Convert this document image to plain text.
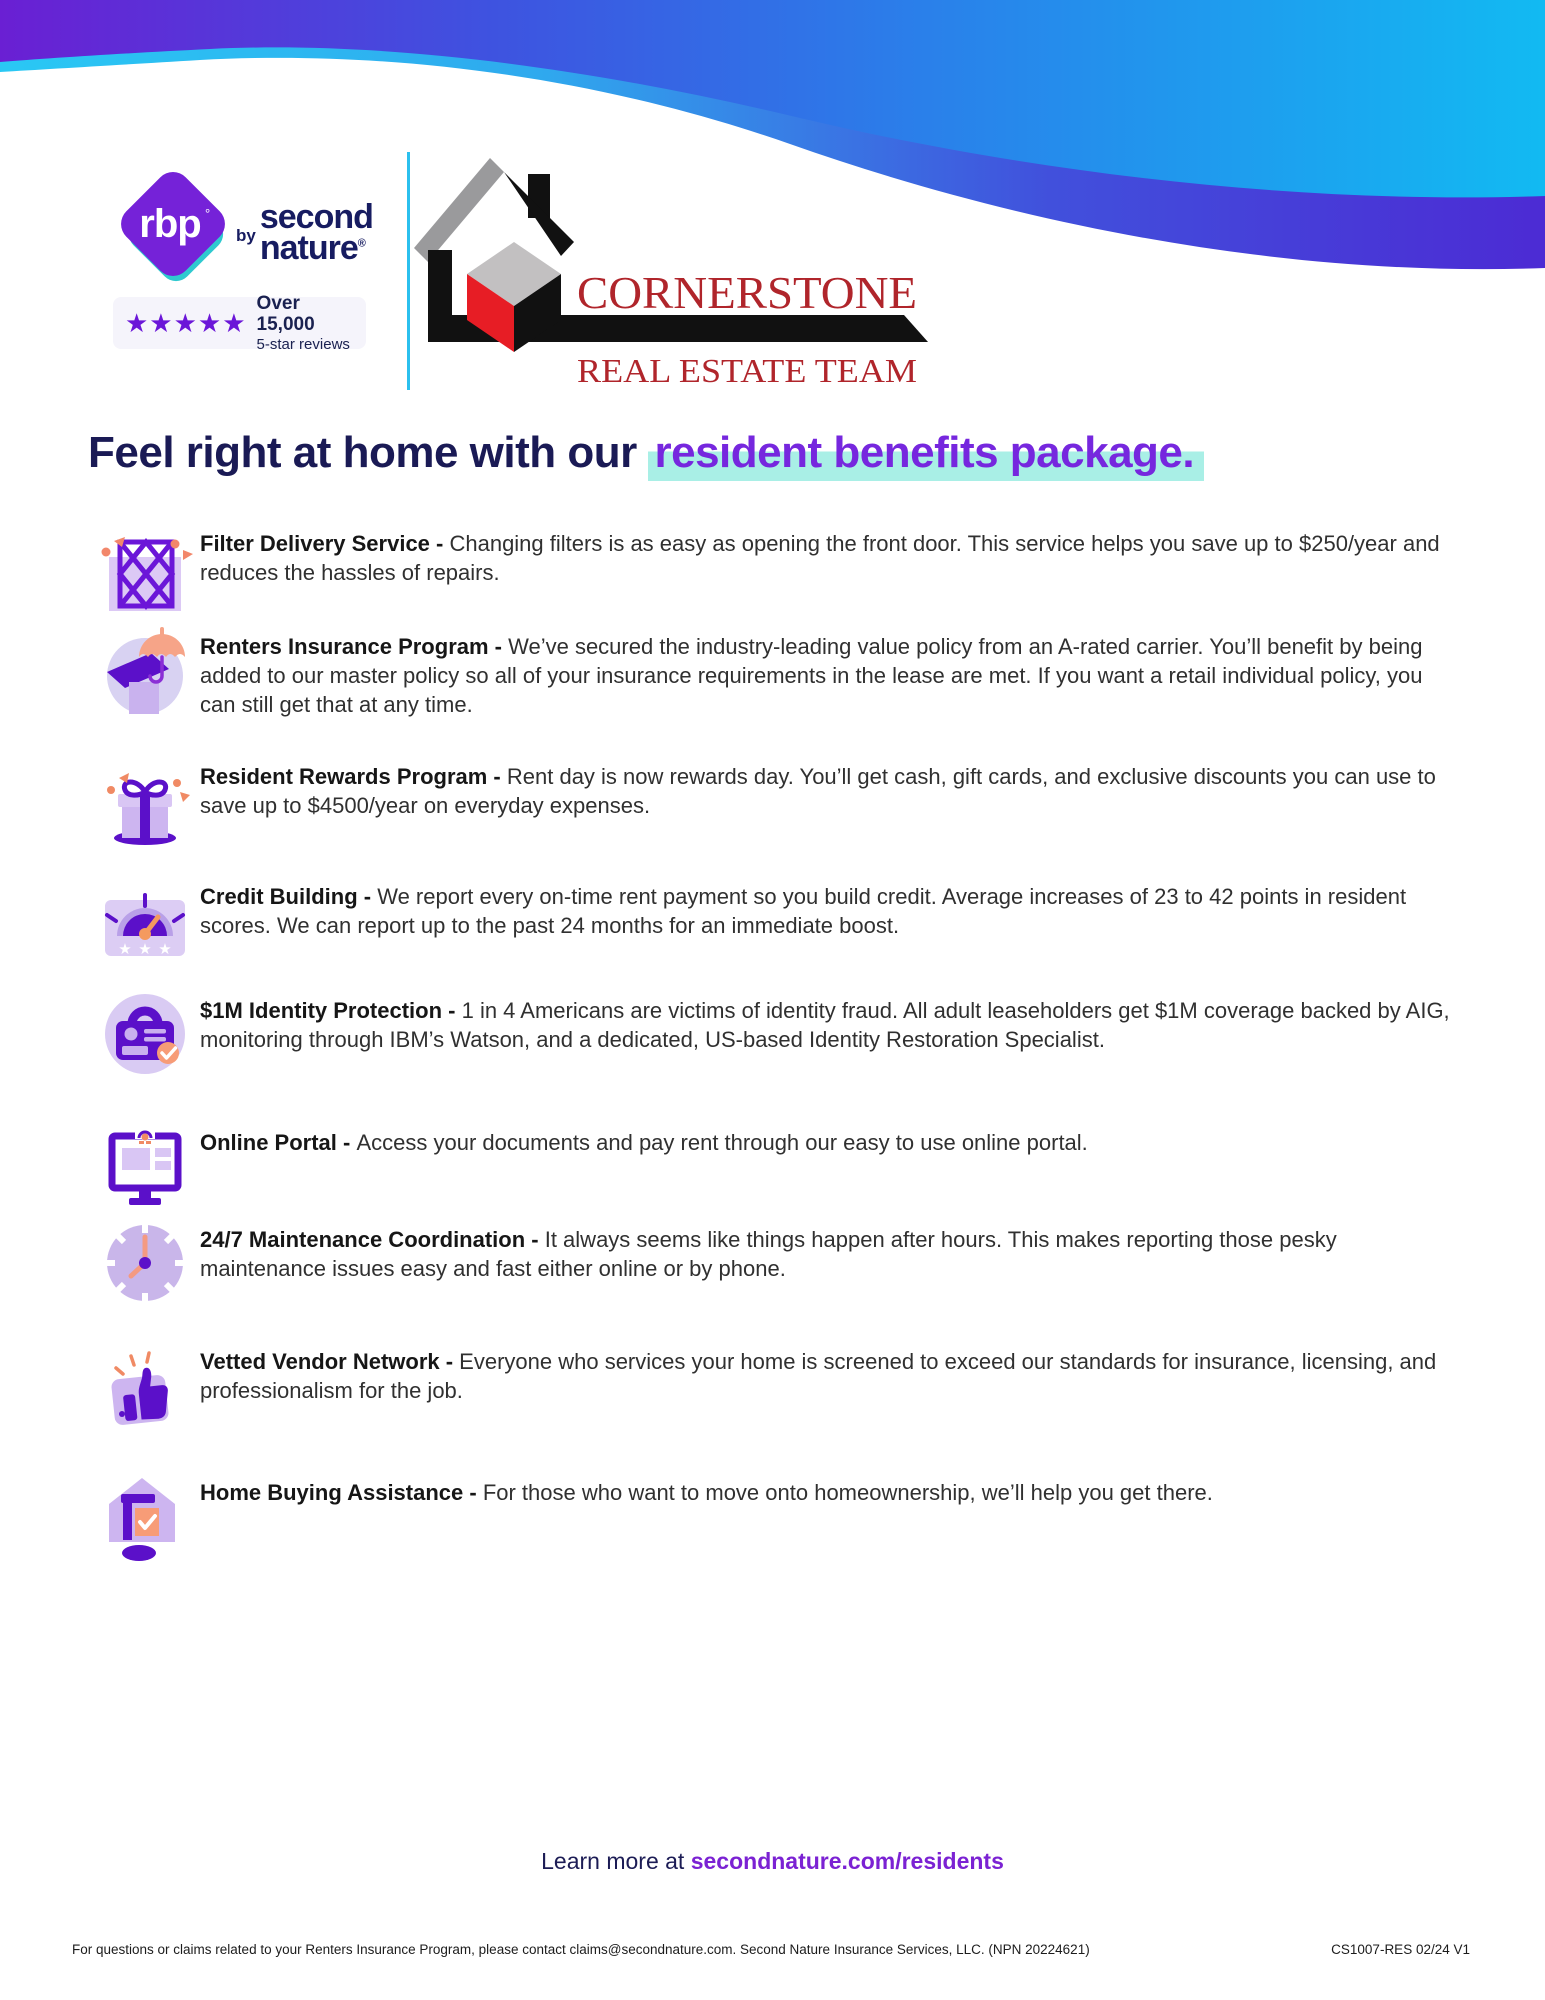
rbp °
by second
nature®
★★★★★
Over 15,000
5-star reviews
CORNERSTONE
REAL ESTATE TEAM
Feel right at home with our resident benefits package.
Filter Delivery Service - Changing filters is as easy as opening the front door. This service helps you save up to $250/year and reduces the hassles of repairs.
Renters Insurance Program - We’ve secured the industry-leading value policy from an A-rated carrier. You’ll benefit by being added to our master policy so all of your insurance requirements in the lease are met. If you want a retail individual policy, you can still get that at any time.
Resident Rewards Program - Rent day is now rewards day. You’ll get cash, gift cards, and exclusive discounts you can use to save up to $4500/year on everyday expenses.
★ ★ ★
Credit Building - We report every on-time rent payment so you build credit. Average increases of 23 to 42 points in resident scores. We can report up to the past 24 months for an immediate boost.
$1M Identity Protection - 1 in 4 Americans are victims of identity fraud. All adult leaseholders get $1M coverage backed by AIG, monitoring through IBM’s Watson, and a dedicated, US-based Identity Restoration Specialist.
Online Portal - Access your documents and pay rent through our easy to use online portal.
24/7 Maintenance Coordination - It always seems like things happen after hours. This makes reporting those pesky maintenance issues easy and fast either online or by phone.
Vetted Vendor Network - Everyone who services your home is screened to exceed our standards for insurance, licensing, and professionalism for the job.
Home Buying Assistance - For those who want to move onto homeownership, we’ll help you get there.
Learn more at secondnature.com/residents
For questions or claims related to your Renters Insurance Program, please contact claims@secondnature.com. Second Nature Insurance Services, LLC. (NPN 20224621)	CS1007-RES 02/24 V1
